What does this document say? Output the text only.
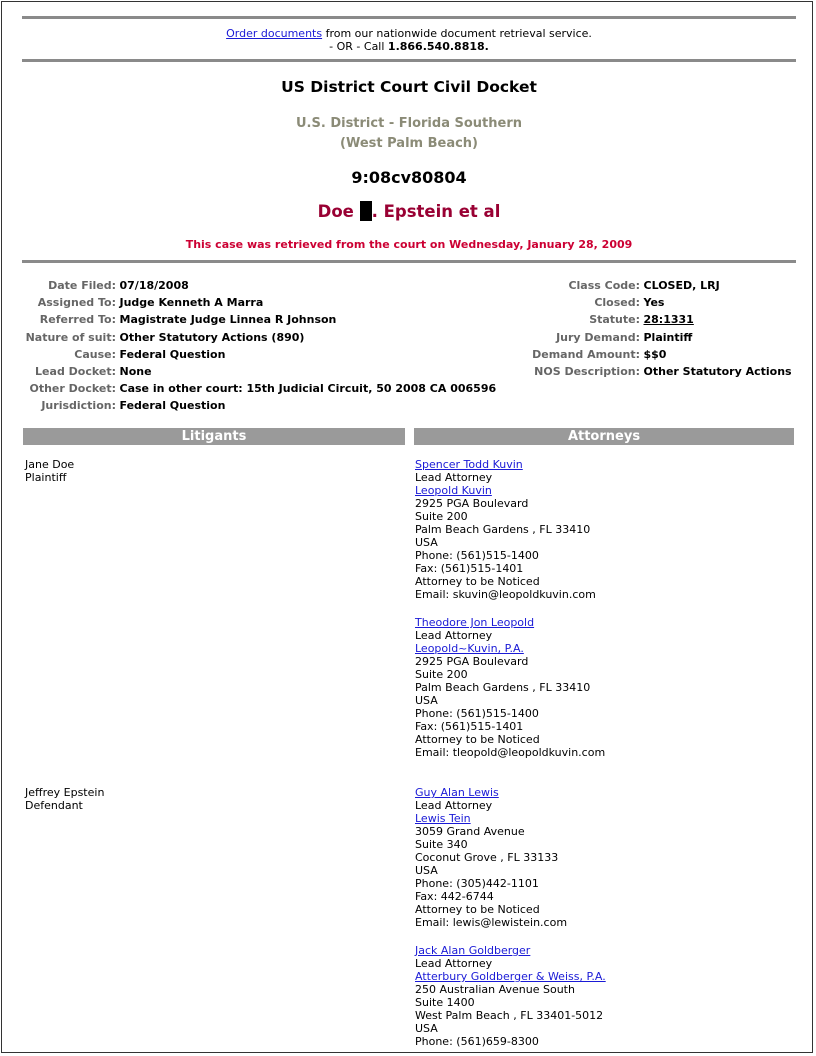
Order documents from our nationwide document retrieval service.
- OR - Call 1.866.540.8818.
US District Court Civil Docket
U.S. District - Florida Southern
(West Palm Beach)
9:08cv80804
Doe . Epstein et al
This case was retrieved from the court on Wednesday, January 28, 2009
Date Filed: 07/18/2008
Assigned To: Judge Kenneth A Marra
Referred To: Magistrate Judge Linnea R Johnson
Nature of suit: Other Statutory Actions (890)
Cause: Federal Question
Lead Docket: None
Other Docket: Case in other court: 15th Judicial Circuit, 50 2008 CA 006596
Jurisdiction: Federal Question
Class Code: CLOSED, LRJ
Closed: Yes
Statute: 28:1331
Jury Demand: Plaintiff
Demand Amount: $$0
NOS Description: Other Statutory Actions
Litigants	Attorneys
Jane Doe
Plaintiff
Spencer Todd Kuvin
Lead Attorney
Leopold Kuvin
2925 PGA Boulevard
Suite 200
Palm Beach Gardens , FL 33410
USA
Phone: (561)515-1400
Fax: (561)515-1401
Attorney to be Noticed
Email: skuvin@leopoldkuvin.com
Theodore Jon Leopold
Lead Attorney
Leopold~Kuvin, P.A.
2925 PGA Boulevard
Suite 200
Palm Beach Gardens , FL 33410
USA
Phone: (561)515-1400
Fax: (561)515-1401
Attorney to be Noticed
Email: tleopold@leopoldkuvin.com
Jeffrey Epstein
Defendant
Guy Alan Lewis
Lead Attorney
Lewis Tein
3059 Grand Avenue
Suite 340
Coconut Grove , FL 33133
USA
Phone: (305)442-1101
Fax: 442-6744
Attorney to be Noticed
Email: lewis@lewistein.com
Jack Alan Goldberger
Lead Attorney
Atterbury Goldberger & Weiss, P.A.
250 Australian Avenue South
Suite 1400
West Palm Beach , FL 33401-5012
USA
Phone: (561)659-8300
